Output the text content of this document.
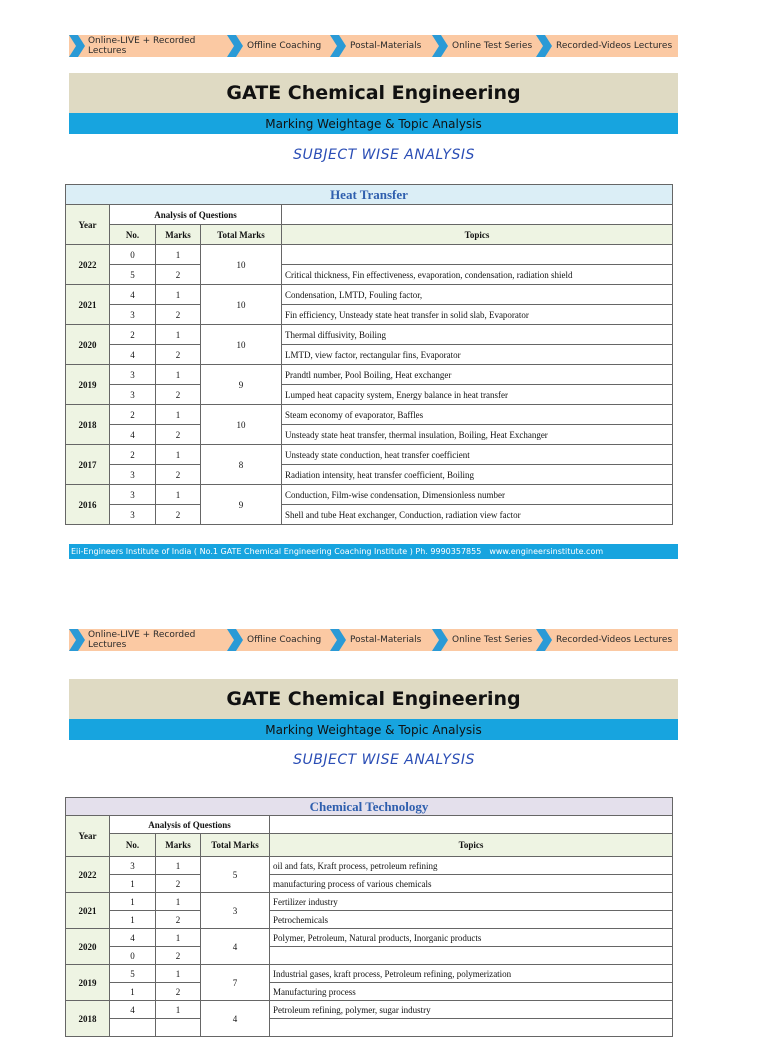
Online-LIVE + Recorded Lectures	Offline Coaching	Postal-Materials	Online Test Series	Recorded-Videos Lectures
GATE Chemical Engineering
Marking Weightage & Topic Analysis
SUBJECT WISE ANALYSIS
Heat Transfer				
Year	Analysis of Questions			
	No.	Marks	Total Marks	Topics
2022	0	1	10	
	5	2		Critical thickness, Fin effectiveness, evaporation, condensation, radiation shield
2021	4	1	10	Condensation, LMTD, Fouling factor,
	3	2		Fin efficiency, Unsteady state heat transfer in solid slab, Evaporator
2020	2	1	10	Thermal diffusivity, Boiling
	4	2		LMTD, view factor, rectangular fins, Evaporator
2019	3	1	9	Prandtl number, Pool Boiling, Heat exchanger
	3	2		Lumped heat capacity system, Energy balance in heat transfer
2018	2	1	10	Steam economy of evaporator, Baffles
	4	2		Unsteady state heat transfer, thermal insulation, Boiling, Heat Exchanger
2017	2	1	8	Unsteady state conduction, heat transfer coefficient
	3	2		Radiation intensity, heat transfer coefficient, Boiling
2016	3	1	9	Conduction, Film-wise condensation, Dimensionless number
	3	2		Shell and tube Heat exchanger, Conduction, radiation view factor
Eii-Engineers Institute of India ( No.1 GATE Chemical Engineering Coaching Institute ) Ph. 9990357855 www.engineersinstitute.com
Online-LIVE + Recorded Lectures	Offline Coaching	Postal-Materials	Online Test Series	Recorded-Videos Lectures
GATE Chemical Engineering
Marking Weightage & Topic Analysis
SUBJECT WISE ANALYSIS
Chemical Technology				
Year	Analysis of Questions			
	No.	Marks	Total Marks	Topics
2022	3	1	5	oil and fats, Kraft process, petroleum refining
	1	2		manufacturing process of various chemicals
2021	1	1	3	Fertilizer industry
	1	2		Petrochemicals
2020	4	1	4	Polymer, Petroleum, Natural products, Inorganic products
	0	2		
2019	5	1	7	Industrial gases, kraft process, Petroleum refining, polymerization
	1	2		Manufacturing process
2018	4	1	4	Petroleum refining, polymer, sugar industry
